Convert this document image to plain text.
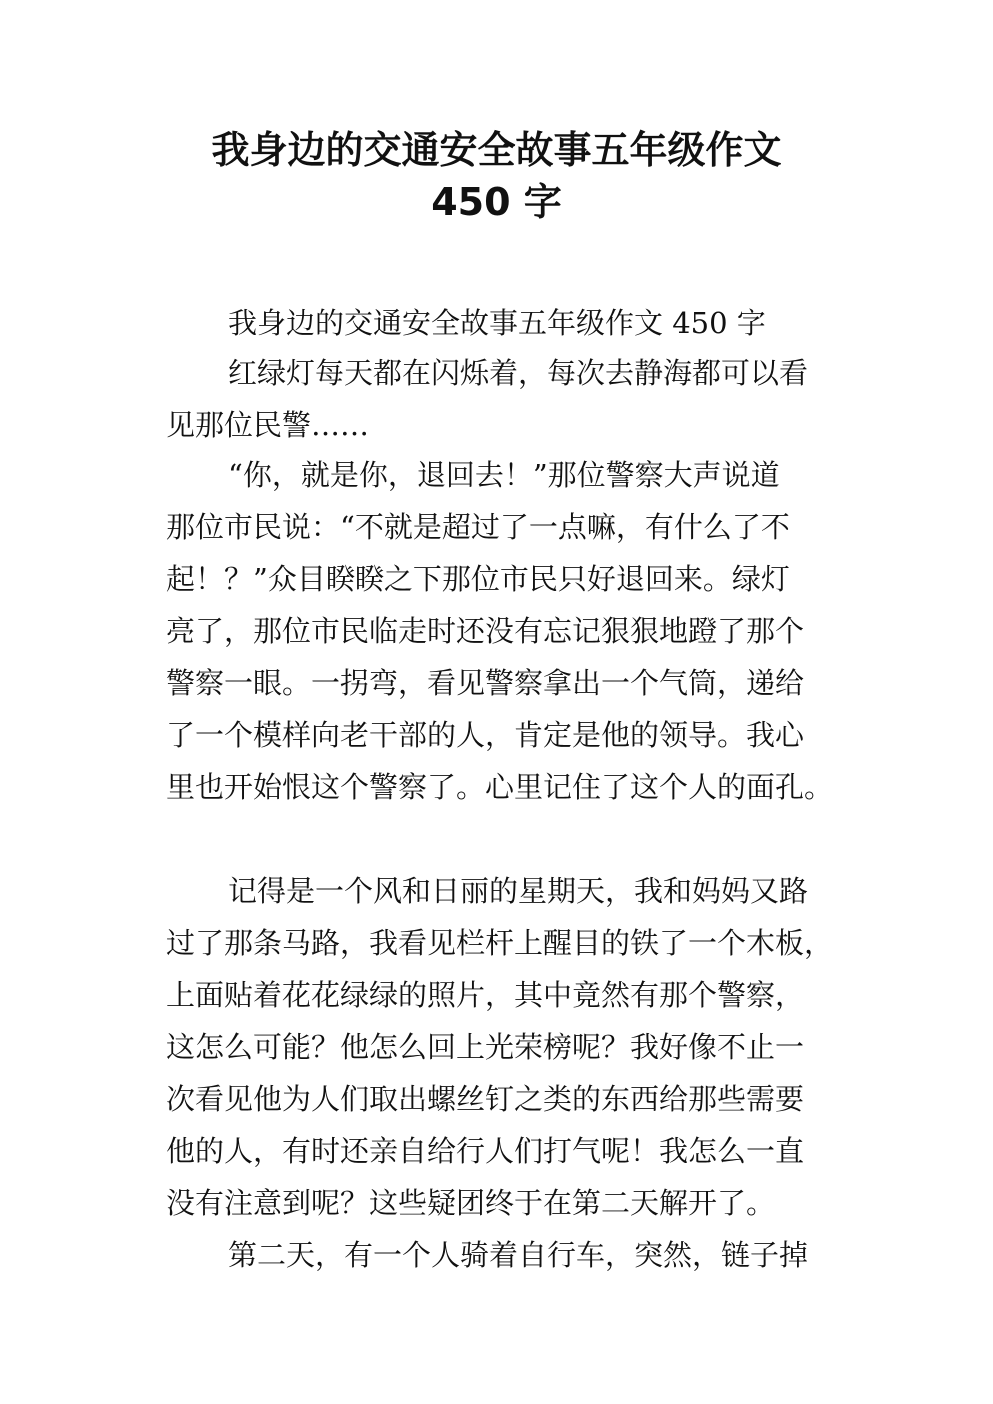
我身边的交通安全故事五年级作文
450 字

我身边的交通安全故事五年级作文 450 字

红绿灯每天都在闪烁着，每次去静海都可以看

见那位民警……

“你，就是你，退回去！”那位警察大声说道

那位市民说：“不就是超过了一点嘛，有什么了不

起！？”众目睽睽之下那位市民只好退回来。绿灯

亮了，那位市民临走时还没有忘记狠狠地蹬了那个

警察一眼。一拐弯，看见警察拿出一个气筒，递给

了一个模样向老干部的人，肯定是他的领导。我心

里也开始恨这个警察了。心里记住了这个人的面孔。

记得是一个风和日丽的星期天，我和妈妈又路

过了那条马路，我看见栏杆上醒目的铁了一个木板，

上面贴着花花绿绿的照片，其中竟然有那个警察，

这怎么可能？他怎么回上光荣榜呢？我好像不止一

次看见他为人们取出螺丝钉之类的东西给那些需要

他的人，有时还亲自给行人们打气呢！我怎么一直

没有注意到呢？这些疑团终于在第二天解开了。

第二天，有一个人骑着自行车，突然，链子掉
